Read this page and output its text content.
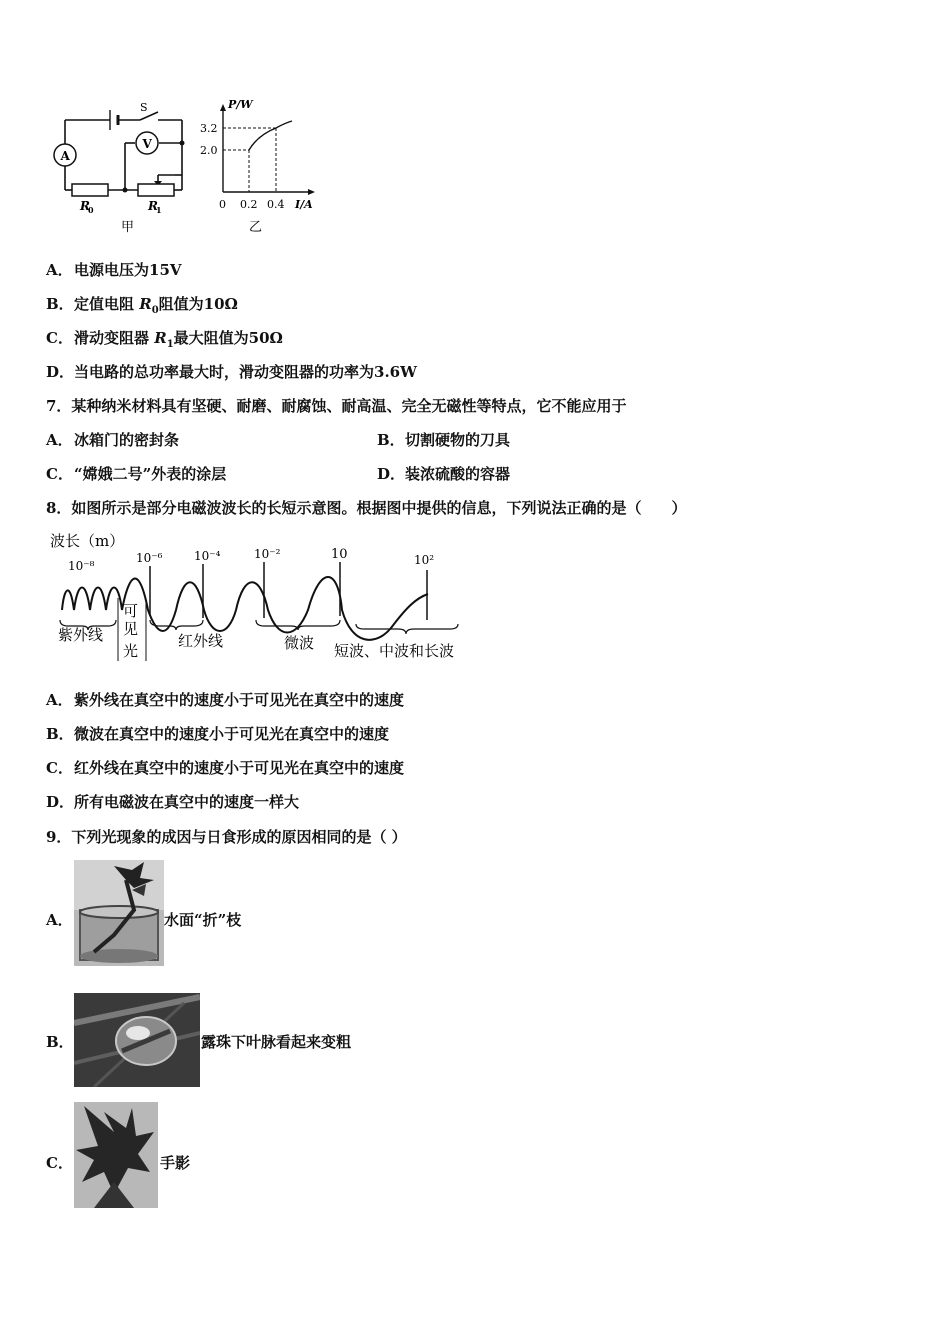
A
V
S
R
0	R
1
甲
P/W
3.2
2.0
0 0.2 0.4 I/A
乙
A．电源电压为15V
B．定值电阻 $R_0$阻值为10Ω
C．滑动变阻器 $R_1$最大阻值为50Ω
D．当电路的总功率最大时，滑动变阻器的功率为3.6W
7．某种纳米材料具有坚硬、耐磨、耐腐蚀、耐高温、完全无磁性等特点，它不能应用于
A．冰箱门的密封条	B．切割硬物的刀具
C．“嫦娥二号”外表的涂层	D．装浓硫酸的容器
8．如图所示是部分电磁波波长的长短示意图。根据图中提供的信息，下列说法正确的是（　　）
波长（m）
10⁻⁸
10⁻⁶	10⁻⁴	10⁻²	10	10²
紫外线
可
见
光
红外线	微波 短波、中波和长波
A．紫外线在真空中的速度小于可见光在真空中的速度
B．微波在真空中的速度小于可见光在真空中的速度
C．红外线在真空中的速度小于可见光在真空中的速度
D．所有电磁波在真空中的速度一样大
9．下列光现象的成因与日食形成的原因相同的是（ ）
A．	水面“折”枝
B．	露珠下叶脉看起来变粗
C．	手影
